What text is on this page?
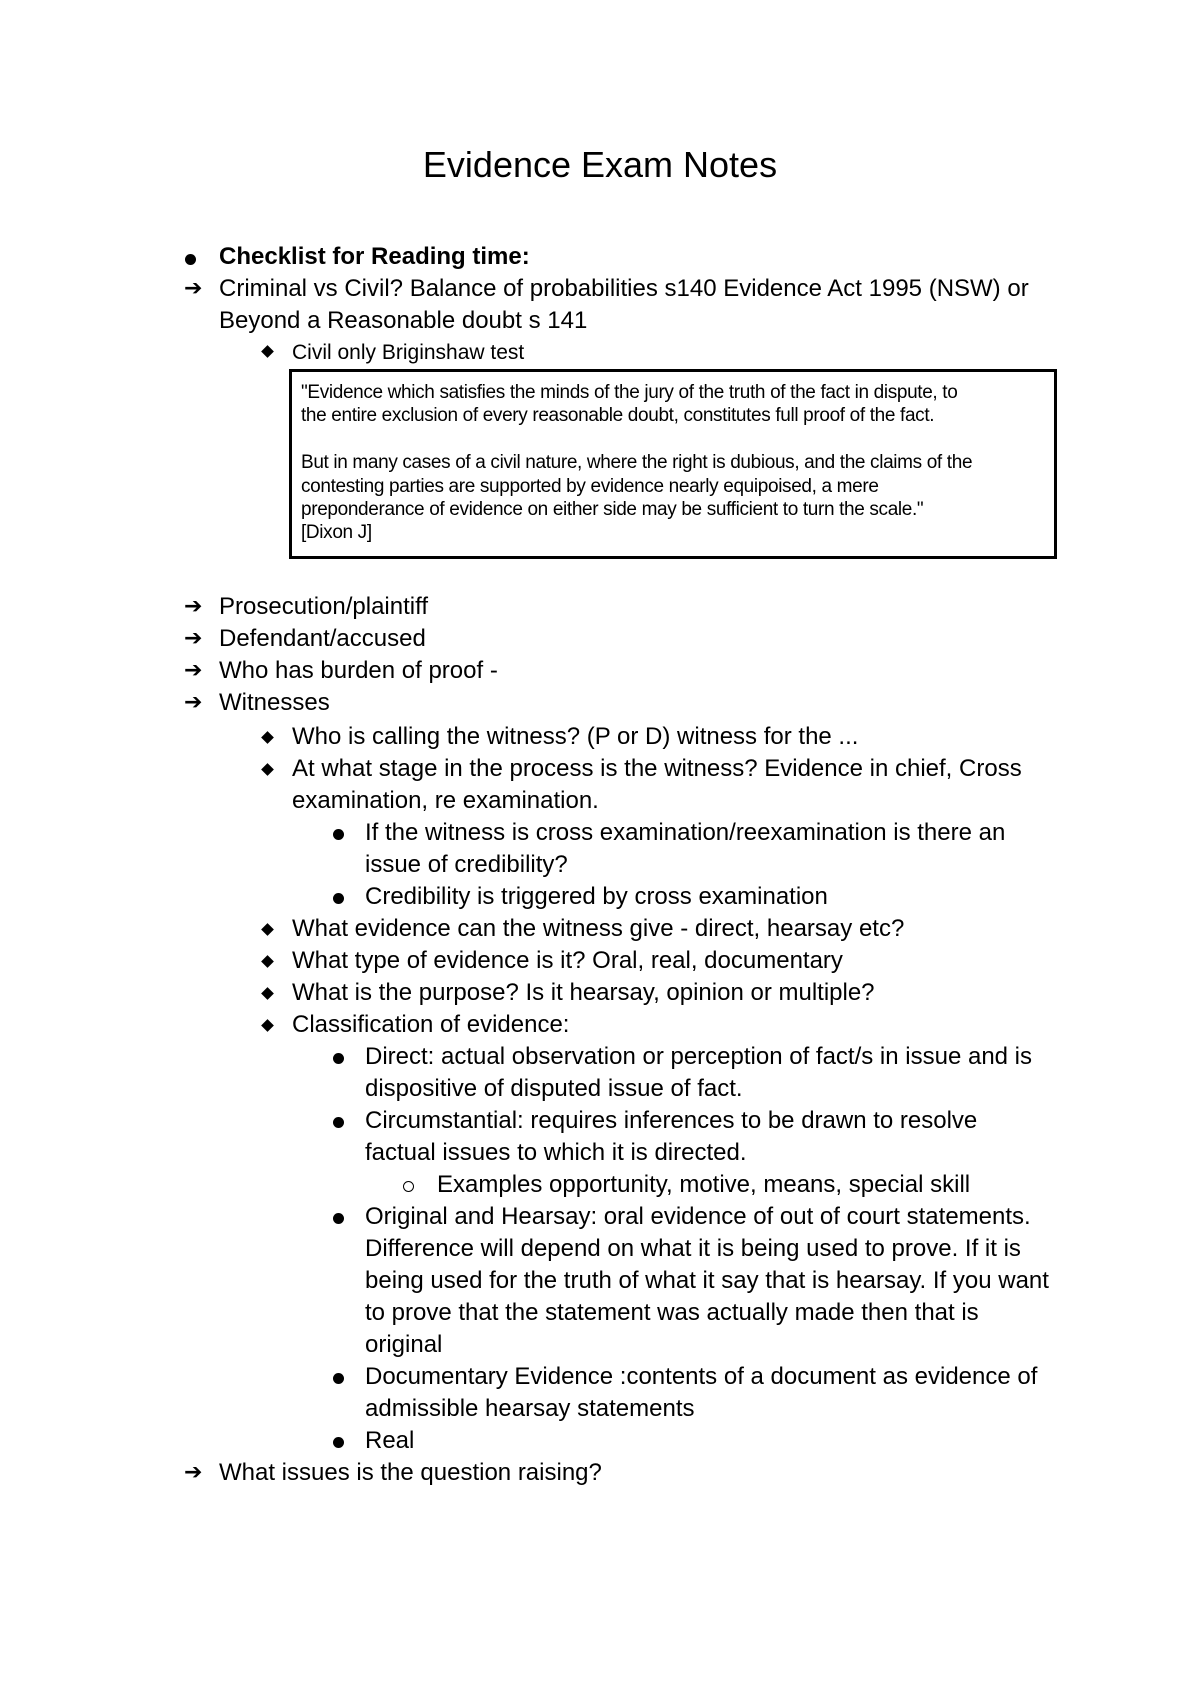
Evidence Exam Notes

Checklist for Reading time:

➔ Criminal vs Civil? Balance of probabilities s140 Evidence Act 1995 (NSW) or

Beyond a Reasonable doubt s 141

Civil only Briginshaw test

"Evidence which satisfies the minds of the jury of the truth of the fact in dispute, to
the entire exclusion of every reasonable doubt, constitutes full proof of the fact.

But in many cases of a civil nature, where the right is dubious, and the claims of the
contesting parties are supported by evidence nearly equipoised, a mere
preponderance of evidence on either side may be sufficient to turn the scale."
[Dixon J]

➔ Prosecution/plaintiff

➔ Defendant/accused

➔ Who has burden of proof -

➔ Witnesses

Who is calling the witness? (P or D) witness for the ...

At what stage in the process is the witness? Evidence in chief, Cross

examination, re examination.

If the witness is cross examination/reexamination is there an

issue of credibility?

Credibility is triggered by cross examination

What evidence can the witness give - direct, hearsay etc?

What type of evidence is it? Oral, real, documentary

What is the purpose? Is it hearsay, opinion or multiple?

Classification of evidence:

Direct: actual observation or perception of fact/s in issue and is

dispositive of disputed issue of fact.

Circumstantial: requires inferences to be drawn to resolve

factual issues to which it is directed.

Examples opportunity, motive, means, special skill

Original and Hearsay: oral evidence of out of court statements.

Difference will depend on what it is being used to prove. If it is

being used for the truth of what it say that is hearsay. If you want

to prove that the statement was actually made then that is

original

Documentary Evidence :contents of a document as evidence of

admissible hearsay statements

Real

➔ What issues is the question raising?
